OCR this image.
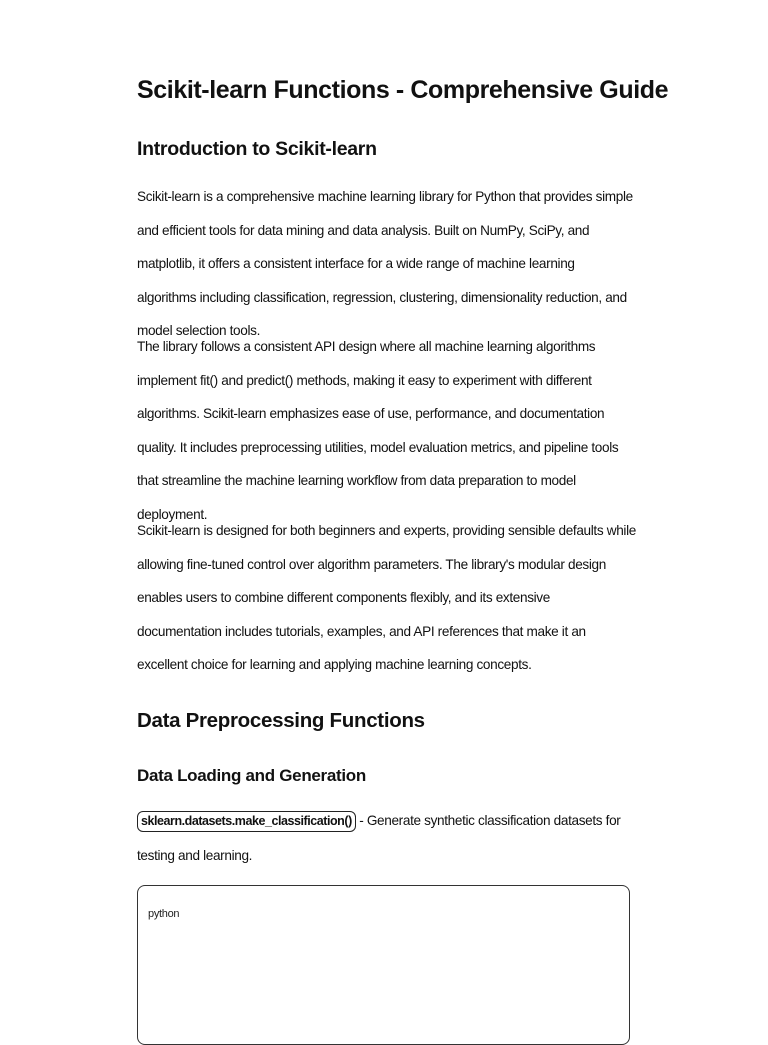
Scikit-learn Functions - Comprehensive Guide
Introduction to Scikit-learn

Scikit-learn is a comprehensive machine learning library for Python that provides simple and efficient tools for data mining and data analysis. Built on NumPy, SciPy, and matplotlib, it offers a consistent interface for a wide range of machine learning algorithms including classification, regression, clustering, dimensionality reduction, and model selection tools.

The library follows a consistent API design where all machine learning algorithms implement fit() and predict() methods, making it easy to experiment with different algorithms. Scikit-learn emphasizes ease of use, performance, and documentation quality. It includes preprocessing utilities, model evaluation metrics, and pipeline tools that streamline the machine learning workflow from data preparation to model deployment.

Scikit-learn is designed for both beginners and experts, providing sensible defaults while allowing fine-tuned control over algorithm parameters. The library's modular design enables users to combine different components flexibly, and its extensive documentation includes tutorials, examples, and API references that make it an excellent choice for learning and applying machine learning concepts.

Data Preprocessing Functions
Data Loading and Generation

sklearn.datasets.make_classification() - Generate synthetic classification datasets for testing and learning.

python
